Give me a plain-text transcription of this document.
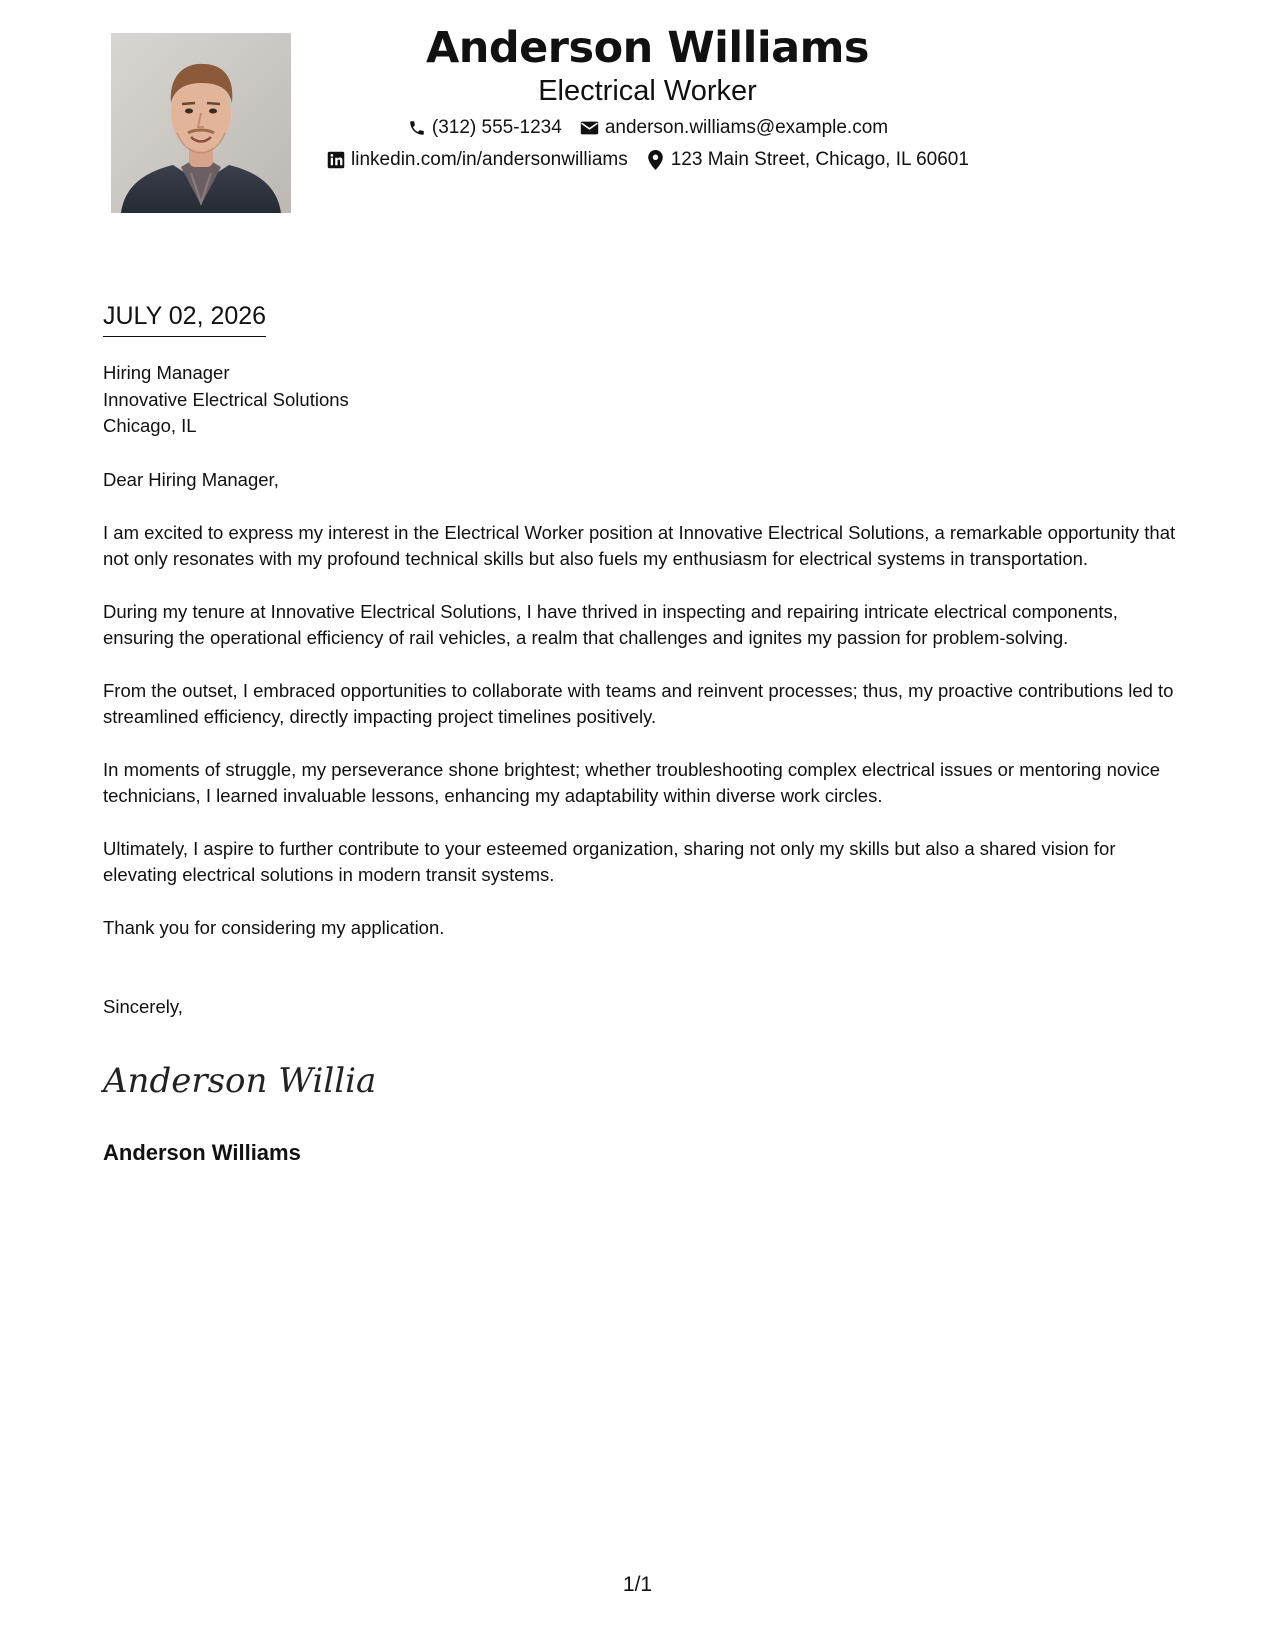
Anderson Williams
Electrical Worker
(312) 555-1234 anderson.williams@example.com
linkedin.com/in/andersonwilliams 123 Main Street, Chicago, IL 60601
JULY 02, 2026
Hiring Manager
Innovative Electrical Solutions
Chicago, IL
Dear Hiring Manager,

I am excited to express my interest in the Electrical Worker position at Innovative Electrical Solutions, a remarkable opportunity that not only resonates with my profound technical skills but also fuels my enthusiasm for electrical systems in transportation.

During my tenure at Innovative Electrical Solutions, I have thrived in inspecting and repairing intricate electrical components, ensuring the operational efficiency of rail vehicles, a realm that challenges and ignites my passion for problem-solving.

From the outset, I embraced opportunities to collaborate with teams and reinvent processes; thus, my proactive contributions led to streamlined efficiency, directly impacting project timelines positively.

In moments of struggle, my perseverance shone brightest; whether troubleshooting complex electrical issues or mentoring novice technicians, I learned invaluable lessons, enhancing my adaptability within diverse work circles.

Ultimately, I aspire to further contribute to your esteemed organization, sharing not only my skills but also a shared vision for elevating electrical solutions in modern transit systems.

Thank you for considering my application.

Sincerely,
Anderson Willia
Anderson Williams
1/1
